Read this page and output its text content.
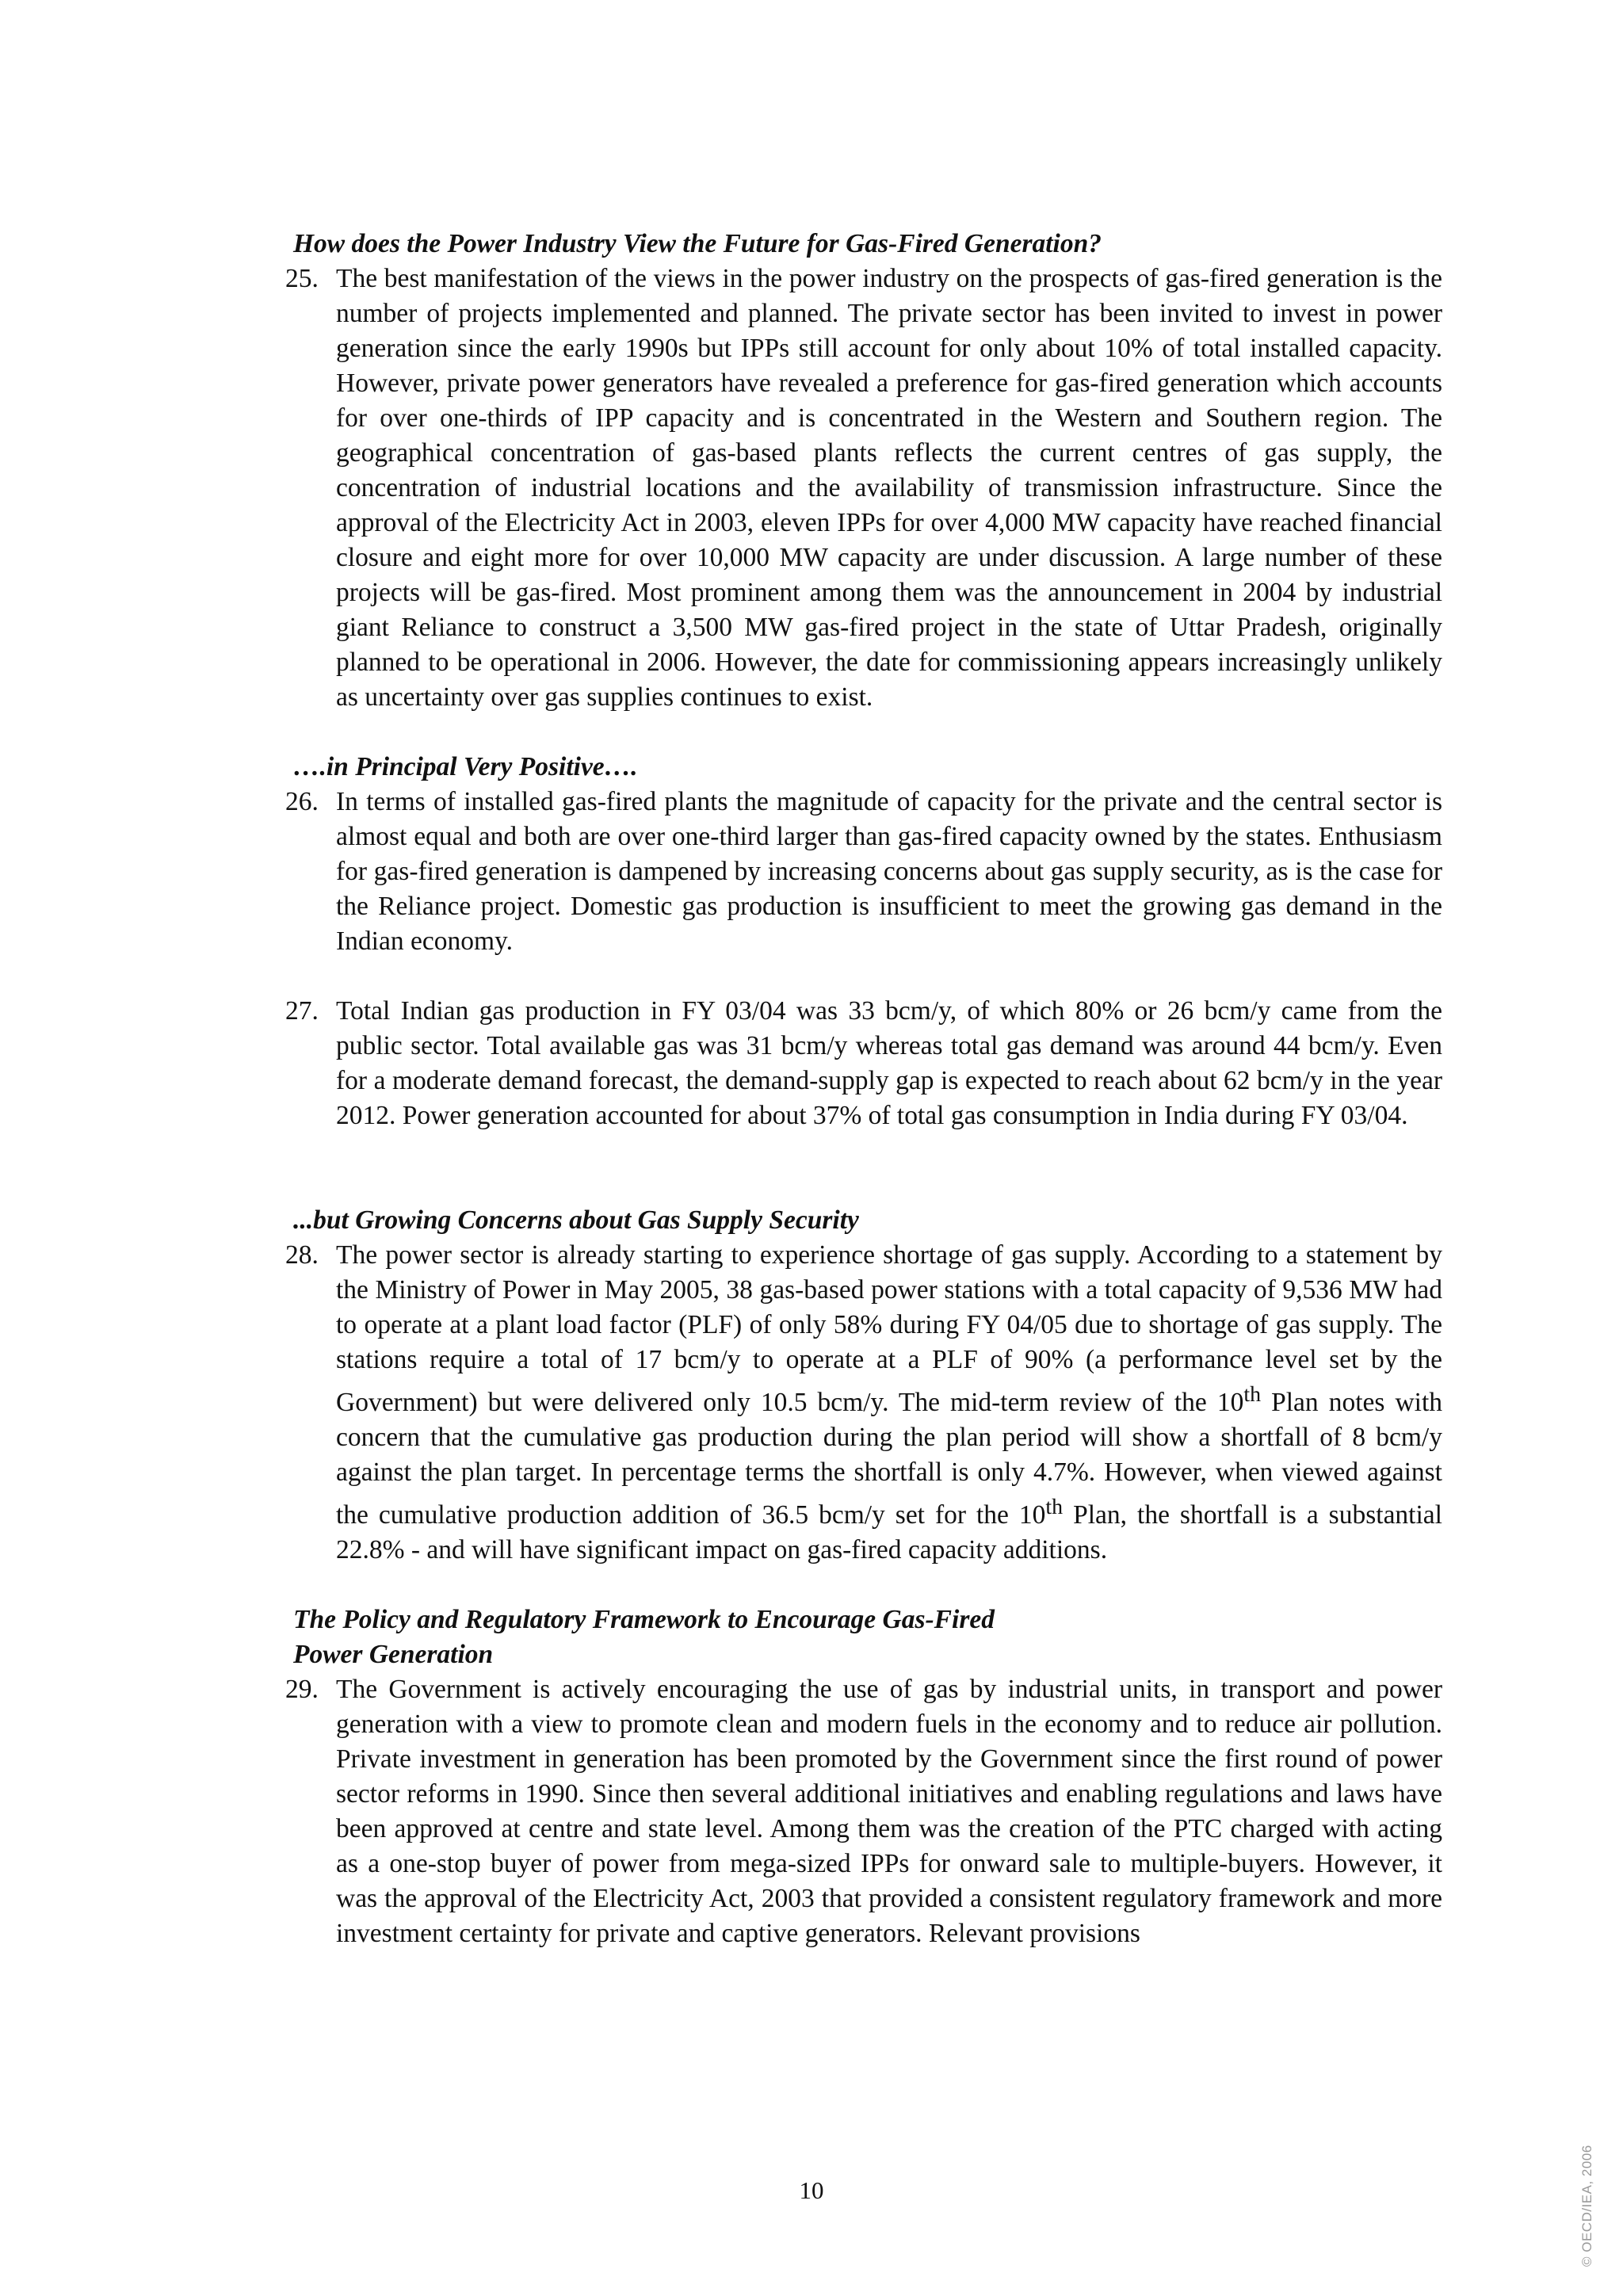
How does the Power Industry View the Future for Gas-Fired Generation?

25. The best manifestation of the views in the power industry on the prospects of gas-fired generation is the number of projects implemented and planned. The private sector has been invited to invest in power generation since the early 1990s but IPPs still account for only about 10% of total installed capacity. However, private power generators have revealed a preference for gas-fired generation which accounts for over one-thirds of IPP capacity and is concentrated in the Western and Southern region. The geographical concentration of gas-based plants reflects the current centres of gas supply, the concentration of industrial locations and the availability of transmission infrastructure. Since the approval of the Electricity Act in 2003, eleven IPPs for over 4,000 MW capacity have reached financial closure and eight more for over 10,000 MW capacity are under discussion. A large number of these projects will be gas-fired. Most prominent among them was the announcement in 2004 by industrial giant Reliance to construct a 3,500 MW gas-fired project in the state of Uttar Pradesh, originally planned to be operational in 2006. However, the date for commissioning appears increasingly unlikely as uncertainty over gas supplies continues to exist.

….in Principal Very Positive….

26. In terms of installed gas-fired plants the magnitude of capacity for the private and the central sector is almost equal and both are over one-third larger than gas-fired capacity owned by the states. Enthusiasm for gas-fired generation is dampened by increasing concerns about gas supply security, as is the case for the Reliance project. Domestic gas production is insufficient to meet the growing gas demand in the Indian economy.
27. Total Indian gas production in FY 03/04 was 33 bcm/y, of which 80% or 26 bcm/y came from the public sector. Total available gas was 31 bcm/y whereas total gas demand was around 44 bcm/y. Even for a moderate demand forecast, the demand-supply gap is expected to reach about 62 bcm/y in the year 2012. Power generation accounted for about 37% of total gas consumption in India during FY 03/04.

...but Growing Concerns about Gas Supply Security

28. The power sector is already starting to experience shortage of gas supply. According to a statement by the Ministry of Power in May 2005, 38 gas-based power stations with a total capacity of 9,536 MW had to operate at a plant load factor (PLF) of only 58% during FY 04/05 due to shortage of gas supply. The stations require a total of 17 bcm/y to operate at a PLF of 90% (a performance level set by the Government) but were delivered only 10.5 bcm/y. The mid-term review of the 10th Plan notes with concern that the cumulative gas production during the plan period will show a shortfall of 8 bcm/y against the plan target. In percentage terms the shortfall is only 4.7%. However, when viewed against the cumulative production addition of 36.5 bcm/y set for the 10th Plan, the shortfall is a substantial 22.8% - and will have significant impact on gas-fired capacity additions.

The Policy and Regulatory Framework to Encourage Gas-Fired
Power Generation

29. The Government is actively encouraging the use of gas by industrial units, in transport and power generation with a view to promote clean and modern fuels in the economy and to reduce air pollution. Private investment in generation has been promoted by the Government since the first round of power sector reforms in 1990. Since then several additional initiatives and enabling regulations and laws have been approved at centre and state level. Among them was the creation of the PTC charged with acting as a one-stop buyer of power from mega-sized IPPs for onward sale to multiple-buyers. However, it was the approval of the Electricity Act, 2003 that provided a consistent regulatory framework and more investment certainty for private and captive generators. Relevant provisions
10	© OECD/IEA, 2006
